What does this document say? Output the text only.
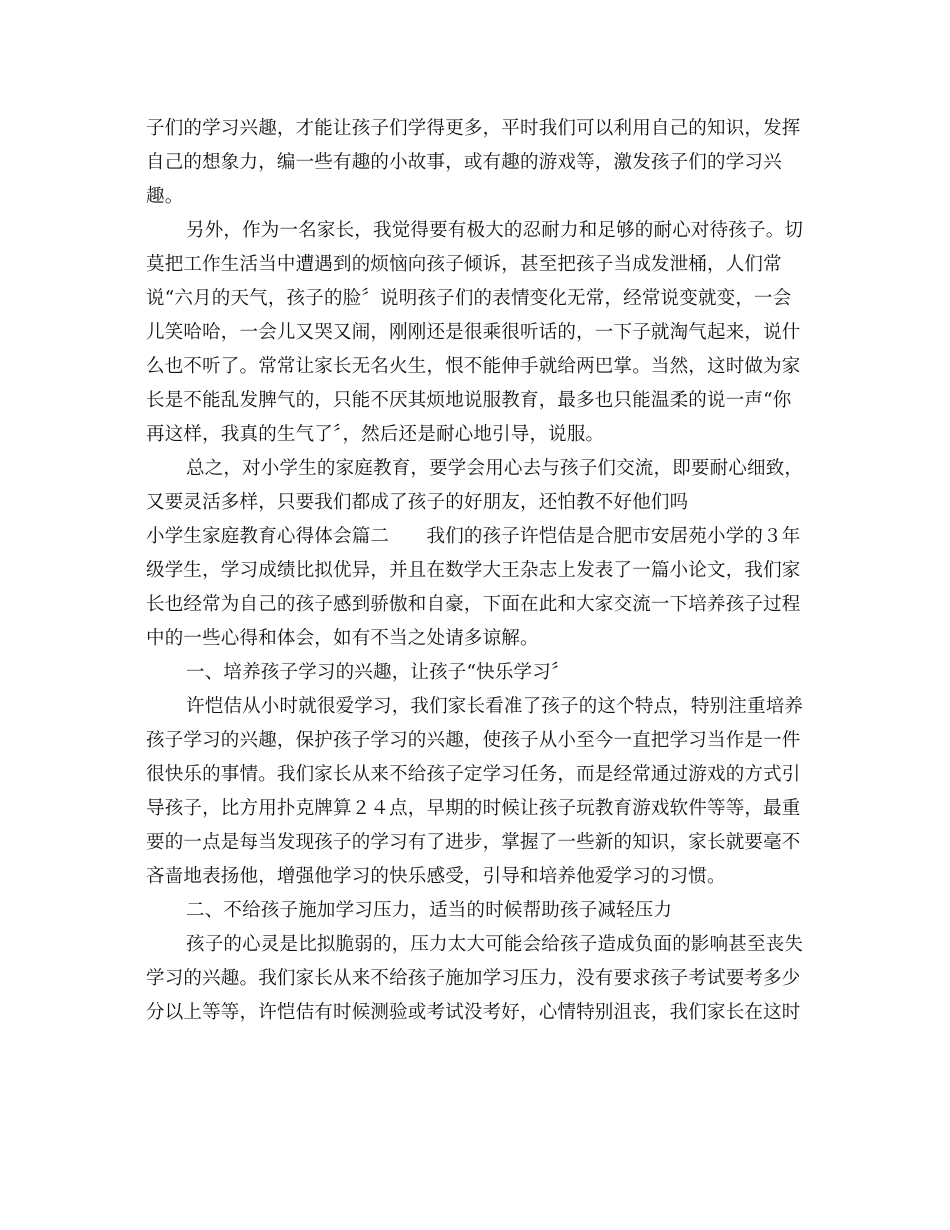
子们的学习兴趣，才能让孩子们学得更多，平时我们可以利用自己的知识，发挥
自己的想象力，编一些有趣的小故事，或有趣的游戏等，激发孩子们的学习兴
趣。
另外，作为一名家长，我觉得要有极大的忍耐力和足够的耐心对待孩子。切
莫把工作生活当中遭遇到的烦恼向孩子倾诉，甚至把孩子当成发泄桶，人们常
说“六月的天气，孩子的脸〞说明孩子们的表情变化无常，经常说变就变，一会
儿笑哈哈，一会儿又哭又闹，刚刚还是很乘很听话的，一下子就淘气起来，说什
么也不听了。常常让家长无名火生，恨不能伸手就给两巴掌。当然，这时做为家
长是不能乱发脾气的，只能不厌其烦地说服教育，最多也只能温柔的说一声“你
再这样，我真的生气了〞，然后还是耐心地引导，说服。
总之，对小学生的家庭教育，要学会用心去与孩子们交流，即要耐心细致，
又要灵活多样，只要我们都成了孩子的好朋友，还怕教不好他们吗
小学生家庭教育心得体会篇二　　我们的孩子许恺佶是合肥市安居苑小学的３年
级学生，学习成绩比拟优异，并且在数学大王杂志上发表了一篇小论文，我们家
长也经常为自己的孩子感到骄傲和自豪，下面在此和大家交流一下培养孩子过程
中的一些心得和体会，如有不当之处请多谅解。
一、培养孩子学习的兴趣，让孩子“快乐学习〞
许恺佶从小时就很爱学习，我们家长看准了孩子的这个特点，特别注重培养
孩子学习的兴趣，保护孩子学习的兴趣，使孩子从小至今一直把学习当作是一件
很快乐的事情。我们家长从来不给孩子定学习任务，而是经常通过游戏的方式引
导孩子，比方用扑克牌算２４点，早期的时候让孩子玩教育游戏软件等等，最重
要的一点是每当发现孩子的学习有了进步，掌握了一些新的知识，家长就要毫不
吝啬地表扬他，增强他学习的快乐感受，引导和培养他爱学习的习惯。
二、不给孩子施加学习压力，适当的时候帮助孩子减轻压力
孩子的心灵是比拟脆弱的，压力太大可能会给孩子造成负面的影响甚至丧失
学习的兴趣。我们家长从来不给孩子施加学习压力，没有要求孩子考试要考多少
分以上等等，许恺佶有时候测验或考试没考好，心情特别沮丧，我们家长在这时
